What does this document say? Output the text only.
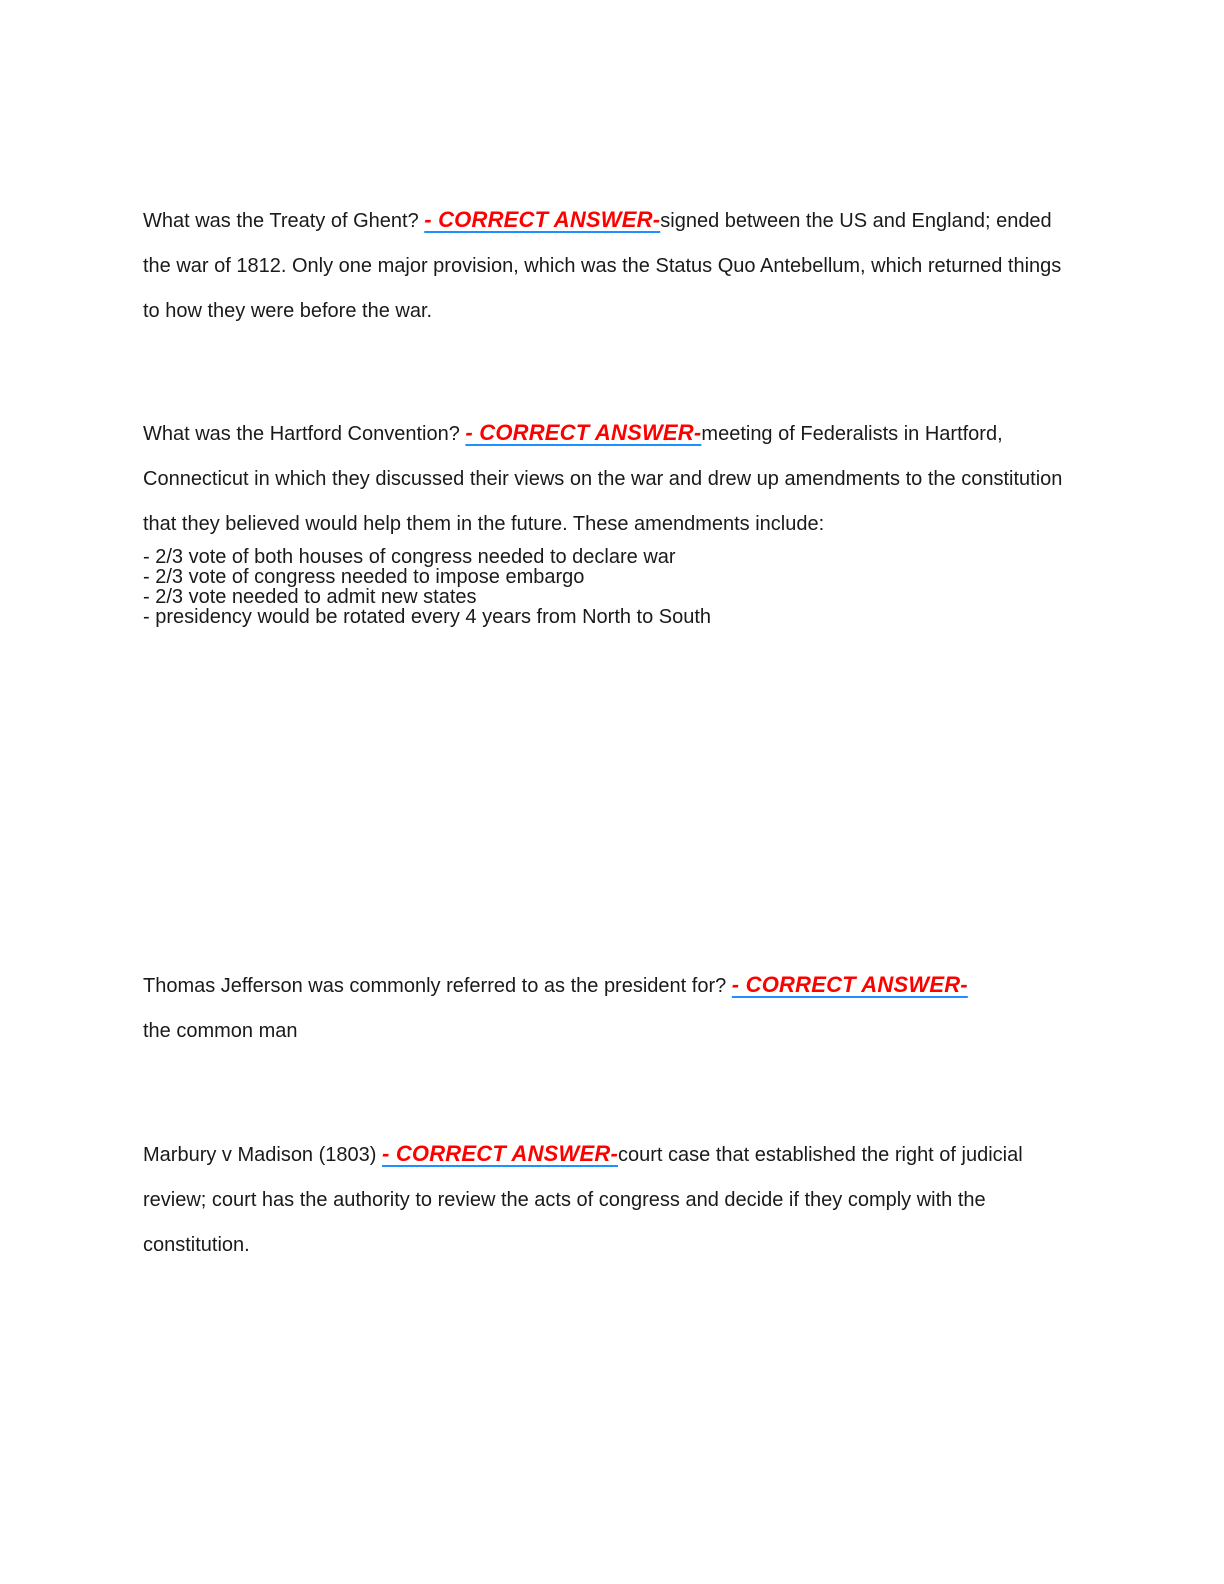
What was the Treaty of Ghent? - CORRECT ANSWER-signed between the US and England; ended the war of 1812. Only one major provision, which was the Status Quo Antebellum, which returned things to how they were before the war.

What was the Hartford Convention? - CORRECT ANSWER-meeting of Federalists in Hartford, Connecticut in which they discussed their views on the war and drew up amendments to the constitution that they believed would help them in the future. These amendments include:

- 2/3 vote of both houses of congress needed to declare war

- 2/3 vote of congress needed to impose embargo

- 2/3 vote needed to admit new states

- presidency would be rotated every 4 years from North to South

Thomas Jefferson was commonly referred to as the president for? - CORRECT ANSWER-
the common man

Marbury v Madison (1803) - CORRECT ANSWER-court case that established the right of judicial review; court has the authority to review the acts of congress and decide if they comply with the constitution.
